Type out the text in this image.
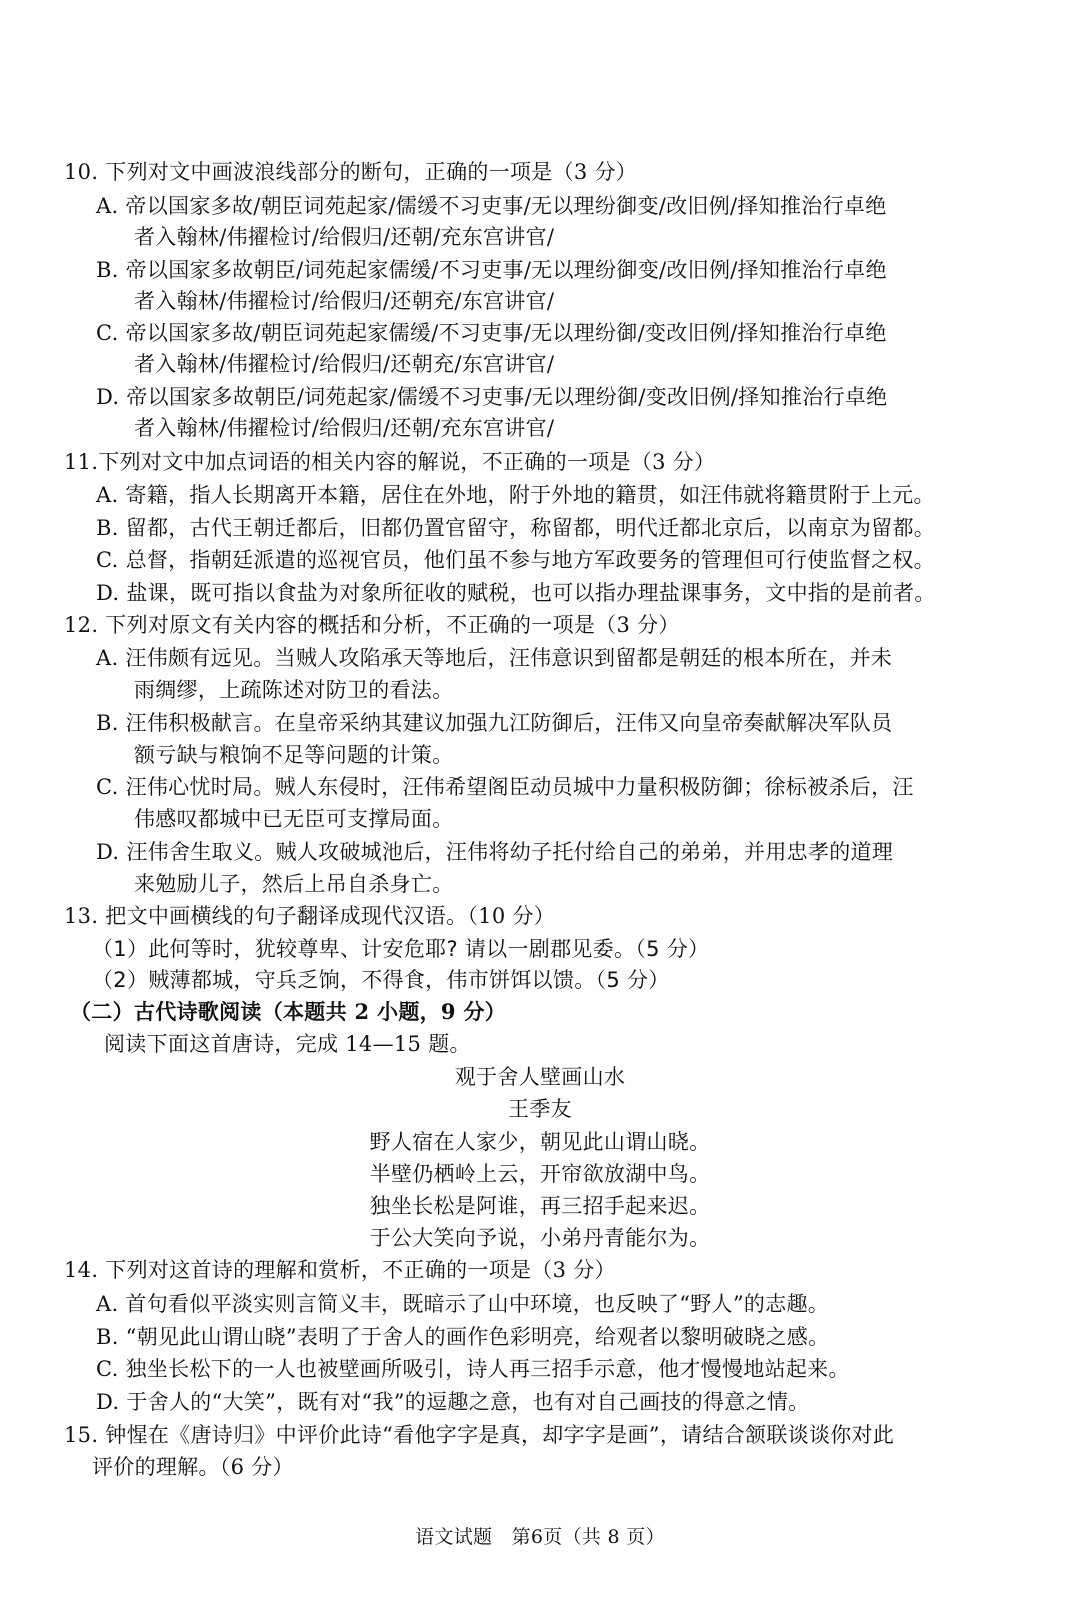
10. 下列对文中画波浪线部分的断句，正确的一项是（3 分）
A. 帝以国家多故/朝臣词苑起家/儒缓不习吏事/无以理纷御变/改旧例/择知推治行卓绝
者入翰林/伟擢检讨/给假归/还朝/充东宫讲官/
B. 帝以国家多故朝臣/词苑起家儒缓/不习吏事/无以理纷御变/改旧例/择知推治行卓绝
者入翰林/伟擢检讨/给假归/还朝充/东宫讲官/
C. 帝以国家多故/朝臣词苑起家儒缓/不习吏事/无以理纷御/变改旧例/择知推治行卓绝
者入翰林/伟擢检讨/给假归/还朝充/东宫讲官/
D. 帝以国家多故朝臣/词苑起家/儒缓不习吏事/无以理纷御/变改旧例/择知推治行卓绝
者入翰林/伟擢检讨/给假归/还朝/充东宫讲官/
11.下列对文中加点词语的相关内容的解说，不正确的一项是（3 分）
A. 寄籍，指人长期离开本籍，居住在外地，附于外地的籍贯，如汪伟就将籍贯附于上元。
B. 留都，古代王朝迁都后，旧都仍置官留守，称留都，明代迁都北京后，以南京为留都。
C. 总督，指朝廷派遣的巡视官员，他们虽不参与地方军政要务的管理但可行使监督之权。
D. 盐课，既可指以食盐为对象所征收的赋税，也可以指办理盐课事务，文中指的是前者。
12. 下列对原文有关内容的概括和分析，不正确的一项是（3 分）
A. 汪伟颇有远见。当贼人攻陷承天等地后，汪伟意识到留都是朝廷的根本所在，并未
雨绸缪，上疏陈述对防卫的看法。
B. 汪伟积极献言。在皇帝采纳其建议加强九江防御后，汪伟又向皇帝奏献解决军队员
额亏缺与粮饷不足等问题的计策。
C. 汪伟心忧时局。贼人东侵时，汪伟希望阁臣动员城中力量积极防御；徐标被杀后，汪
伟感叹都城中已无臣可支撑局面。
D. 汪伟舍生取义。贼人攻破城池后，汪伟将幼子托付给自己的弟弟，并用忠孝的道理
来勉励儿子，然后上吊自杀身亡。
13. 把文中画横线的句子翻译成现代汉语。（10 分）
（1）此何等时，犹较尊卑、计安危耶? 请以一剧郡见委。（5 分）
（2）贼薄都城，守兵乏饷，不得食，伟市饼饵以馈。（5 分）
（二）古代诗歌阅读（本题共 2 小题，9 分）
阅读下面这首唐诗，完成 14—15 题。
观于舍人壁画山水
王季友
野人宿在人家少，朝见此山谓山晓。
半壁仍栖岭上云，开帘欲放湖中鸟。
独坐长松是阿谁，再三招手起来迟。
于公大笑向予说，小弟丹青能尔为。
14. 下列对这首诗的理解和赏析，不正确的一项是（3 分）
A. 首句看似平淡实则言简义丰，既暗示了山中环境，也反映了“野人”的志趣。
B. “朝见此山谓山晓”表明了于舍人的画作色彩明亮，给观者以黎明破晓之感。
C. 独坐长松下的一人也被壁画所吸引，诗人再三招手示意，他才慢慢地站起来。
D. 于舍人的“大笑”，既有对“我”的逗趣之意，也有对自己画技的得意之情。
15. 钟惺在《唐诗归》中评价此诗“看他字字是真，却字字是画”，请结合颔联谈谈你对此
评价的理解。（6 分）
语文试题　第6页（共 8 页）
